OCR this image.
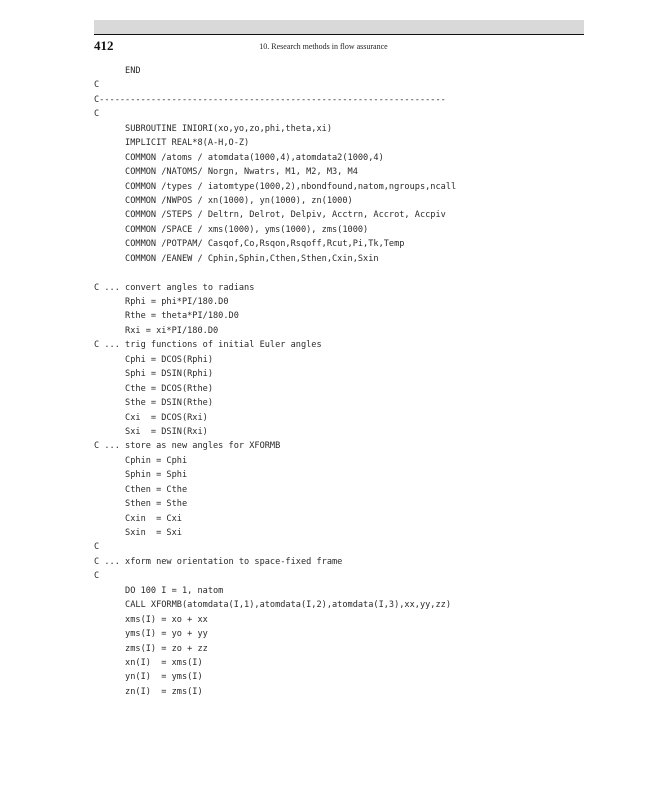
412	10. Research methods in flow assurance
END
C
C-------------------------------------------------------------------
C
SUBROUTINE INIORI(xo,yo,zo,phi,theta,xi)
IMPLICIT REAL*8(A-H,O-Z)
COMMON /atoms / atomdata(1000,4),atomdata2(1000,4)
COMMON /NATOMS/ Norgn, Nwatrs, M1, M2, M3, M4
COMMON /types / iatomtype(1000,2),nbondfound,natom,ngroups,ncall
COMMON /NWPOS / xn(1000), yn(1000), zn(1000)
COMMON /STEPS / Deltrn, Delrot, Delpiv, Acctrn, Accrot, Accpiv
COMMON /SPACE / xms(1000), yms(1000), zms(1000)
COMMON /POTPAM/ Casqof,Co,Rsqon,Rsqoff,Rcut,Pi,Tk,Temp
COMMON /EANEW / Cphin,Sphin,Cthen,Sthen,Cxin,Sxin
C ... convert angles to radians
Rphi = phi*PI/180.D0
Rthe = theta*PI/180.D0
Rxi = xi*PI/180.D0
C ... trig functions of initial Euler angles
Cphi = DCOS(Rphi)
Sphi = DSIN(Rphi)
Cthe = DCOS(Rthe)
Sthe = DSIN(Rthe)
Cxi  = DCOS(Rxi)
Sxi  = DSIN(Rxi)
C ... store as new angles for XFORMB
Cphin = Cphi
Sphin = Sphi
Cthen = Cthe
Sthen = Sthe
Cxin  = Cxi
Sxin  = Sxi
C
C ... xform new orientation to space-fixed frame
C
DO 100 I = 1, natom
CALL XFORMB(atomdata(I,1),atomdata(I,2),atomdata(I,3),xx,yy,zz)
xms(I) = xo + xx
yms(I) = yo + yy
zms(I) = zo + zz
xn(I)  = xms(I)
yn(I)  = yms(I)
zn(I)  = zms(I)
